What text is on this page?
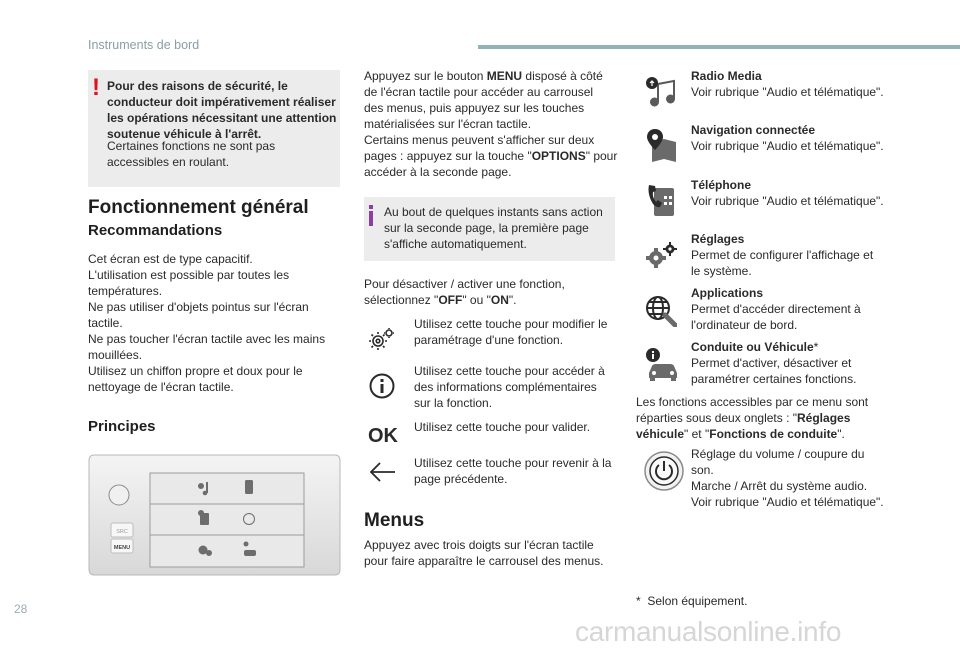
Instruments de bord
! Pour des raisons de sécurité, le conducteur doit impérativement réaliser les opérations nécessitant une attention soutenue véhicule à l'arrêt.
Certaines fonctions ne sont pas accessibles en roulant.
Fonctionnement général
Recommandations
Cet écran est de type capacitif.
L'utilisation est possible par toutes les
températures.
Ne pas utiliser d'objets pointus sur l'écran
tactile.
Ne pas toucher l'écran tactile avec les mains
mouillées.
Utilisez un chiffon propre et doux pour le
nettoyage de l'écran tactile.
Principes
SRC
MENU
Appuyez sur le bouton MENU disposé à côté
de l'écran tactile pour accéder au carrousel
des menus, puis appuyez sur les touches
matérialisées sur l'écran tactile.
Certains menus peuvent s'afficher sur deux
pages : appuyez sur la touche "OPTIONS" pour
accéder à la seconde page.
Au bout de quelques instants sans action
sur la seconde page, la première page
s'affiche automatiquement.
Pour désactiver / activer une fonction,
sélectionnez "OFF" ou "ON".
OK
Utilisez cette touche pour modifier le
paramétrage d'une fonction.
Utilisez cette touche pour accéder à
des informations complémentaires
sur la fonction.
Utilisez cette touche pour valider.
Utilisez cette touche pour revenir à la
page précédente.
Menus
Appuyez avec trois doigts sur l'écran tactile
pour faire apparaître le carrousel des menus.
Radio Media
Voir rubrique "Audio et télématique".
Navigation connectée
Voir rubrique "Audio et télématique".
Téléphone
Voir rubrique "Audio et télématique".
Réglages
Permet de configurer l'affichage et
le système.
Applications
Permet d'accéder directement à
l'ordinateur de bord.
Conduite ou Véhicule*
Permet d'activer, désactiver et
paramétrer certaines fonctions.
Les fonctions accessibles par ce menu sont
réparties sous deux onglets : "Réglages
véhicule" et "Fonctions de conduite".
Réglage du volume / coupure du
son.
Marche / Arrêt du système audio.
Voir rubrique "Audio et télématique".
* Selon équipement.
28
carmanualsonline.info
